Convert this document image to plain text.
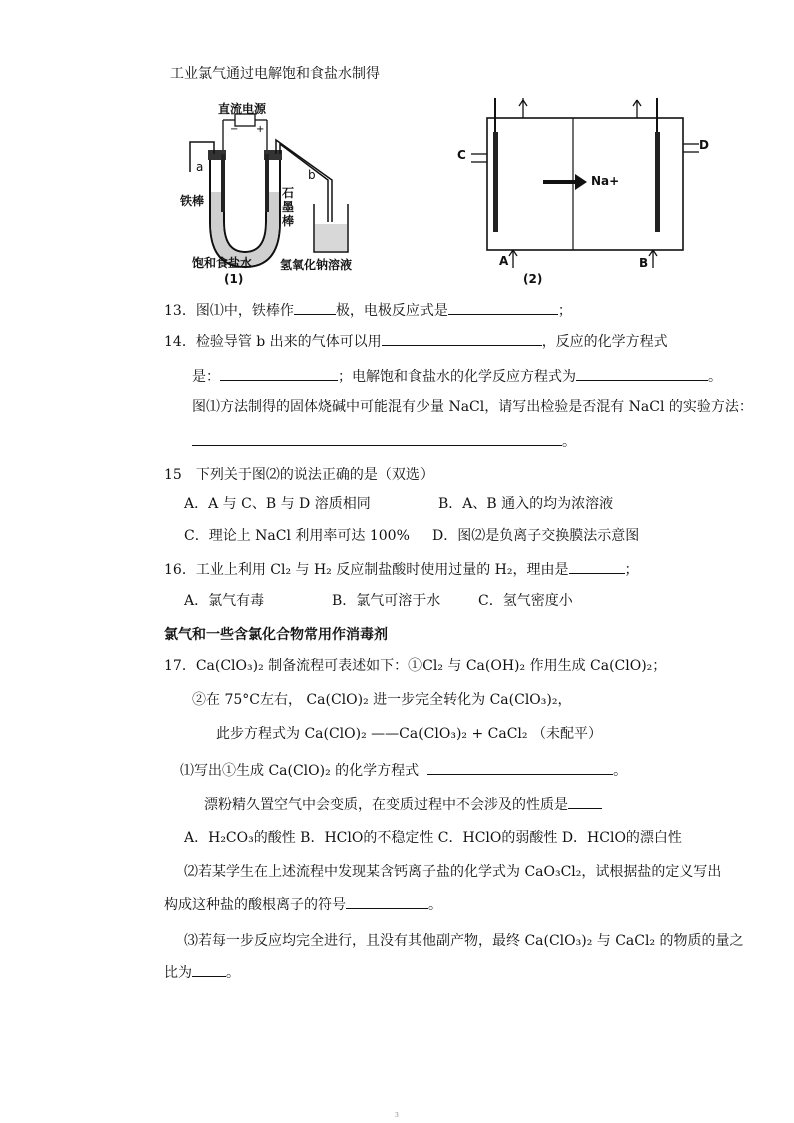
工业氯气通过电解饱和食盐水制得
− +
直流电源
a
b
铁棒
石
墨
棒
饱和食盐水 氢氧化钠溶液
(1)
C
D
A	B
Na+
(2)
13．图⑴中，铁棒作	极，电极反应式是	；
14．检验导管 b 出来的气体可以用	，反应的化学方程式
是：	；电解饱和食盐水的化学反应方程式为	。
图⑴方法制得的固体烧碱中可能混有少量 NaCl，请写出检验是否混有 NaCl 的实验方法：
。
15　下列关于图⑵的说法正确的是（双选）
A．A 与 C、B 与 D 溶质相同	B．A、B 通入的均为浓溶液
C．理论上 NaCl 利用率可达 100% D．图⑵是负离子交换膜法示意图
16．工业上利用 Cl₂ 与 H₂ 反应制盐酸时使用过量的 H₂，理由是	；
A．氯气有毒	B．氯气可溶于水	C．氢气密度小
氯气和一些含氯化合物常用作消毒剂
17．Ca(ClO₃)₂ 制备流程可表述如下：①Cl₂ 与 Ca(OH)₂ 作用生成 Ca(ClO)₂；
②在 75°C左右， Ca(ClO)₂ 进一步完全转化为 Ca(ClO₃)₂，
此步方程式为 Ca(ClO)₂ ——Ca(ClO₃)₂ + CaCl₂ （未配平）
⑴写出①生成 Ca(ClO)₂ 的化学方程式	。
漂粉精久置空气中会变质，在变质过程中不会涉及的性质是
A．H₂CO₃的酸性 B．HClO的不稳定性 C．HClO的弱酸性 D．HClO的漂白性
⑵若某学生在上述流程中发现某含钙离子盐的化学式为 CaO₃Cl₂，试根据盐的定义写出
构成这种盐的酸根离子的符号	。
⑶若每一步反应均完全进行，且没有其他副产物，最终 Ca(ClO₃)₂ 与 CaCl₂ 的物质的量之
比为 。
3
